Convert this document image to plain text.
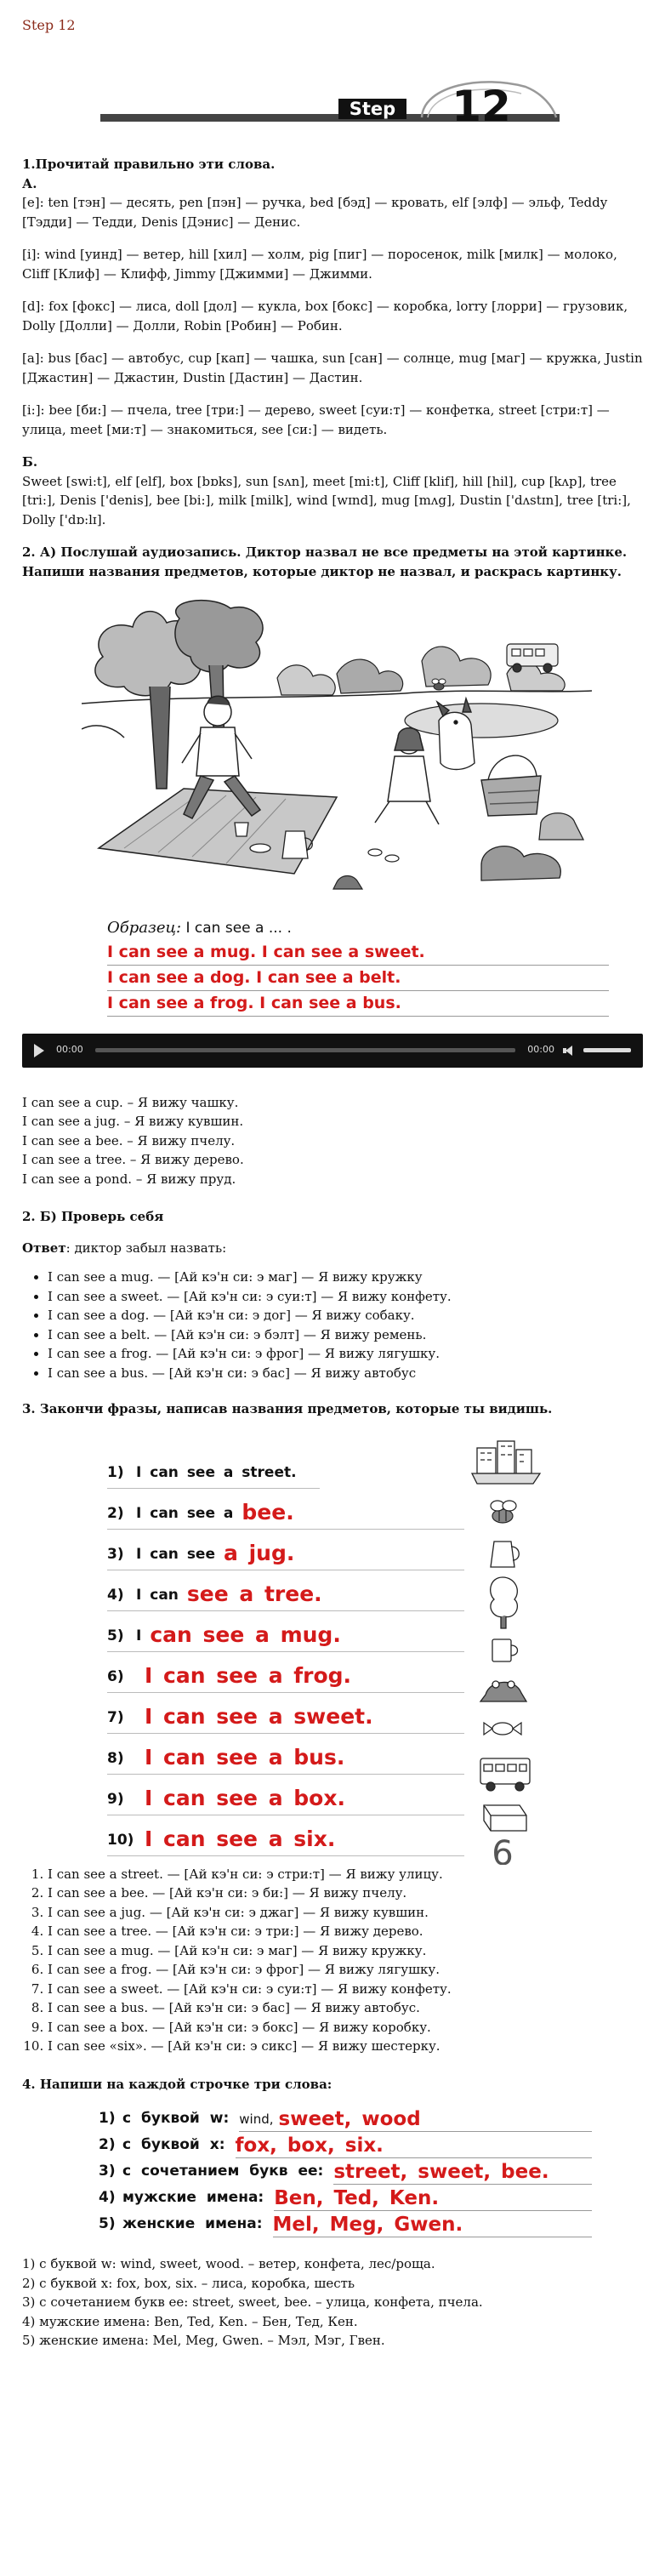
Step 12
Step 12
1.Прочитай правильно эти слова.
А.

[е]: ten [тэн] — десять, pen [пэн] — ручка, bed [бэд] — кровать, elf [элф] — эльф, Teddy [Тэдди] — Тедди, Denis [Дэнис] — Денис.

[i]: wind [уинд] — ветер, hill [хил] — холм, pig [пиг] — поросенок, milk [милк] — молоко, Cliff [Клиф] — Клифф, Jimmy [Джимми] — Джимми.

[d]: fox [фокс] — лиса, doll [дол] — кукла, box [бокс] — коробка, lorry [лорри] — грузовик, Dolly [Долли] — Долли, Robin [Робин] — Робин.

[a]: bus [бас] — автобус, cup [кап] — чашка, sun [сан] — солнце, mug [маг] — кружка, Justin [Джастин] — Джастин, Dustin [Дастин] — Дастин.

[i:]: bee [би:] — пчела, tree [три:] — дерево, sweet [суи:т] — конфетка, street [стри:т] — улица, meet [ми:т] — знакомиться, see [си:] — видеть.

Б.

Sweet [swi:t], elf [elf], box [bɒks], sun [sʌn], meet [mi:t], Cliff [klif], hill [hil], cup [kʌp], tree [tri:], Denis ['denis], bee [bi:], milk [milk], wind [wɪnd], mug [mʌg], Dustin ['dʌstɪn], tree [tri:], Dolly ['dɒ:lɪ].

2. А) Послушай аудиозапись. Диктор назвал не все предметы на этой картинке. Напиши названия предметов, которые диктор не назвал, и раскрась картинку.
Образец: I can see a ... .
I can see a mug. I can see a sweet.
I can see a dog. I can see a belt.
I can see a frog. I can see a bus.
00:00	00:00

I can see a cup. – Я вижу чашку.

I can see a jug. – Я вижу кувшин.

I can see a bee. – Я вижу пчелу.

I can see a tree. – Я вижу дерево.

I can see a pond. – Я вижу пруд.

2. Б) Проверь себя

Ответ: диктор забыл назвать:

• I can see a mug. — [Ай кэ'н си: э маг] — Я вижу кружку
• I can see a sweet. — [Ай кэ'н си: э суи:т] — Я вижу конфету.
• I can see a dog. — [Ай кэ'н си: э дог] — Я вижу собаку.
• I can see a belt. — [Ай кэ'н си: э бэлт] — Я вижу ремень.
• I can see a frog. — [Ай кэ'н си: э фрог] — Я вижу лягушку.
• I can see a bus. — [Ай кэ'н си: э бас] — Я вижу автобус
3. Закончи фразы, написав названия предметов, которые ты видишь.
1) I can see a street.
2) I can see a bee.
3) I can see a jug.
4) I can see a tree.
5) I can see a mug.
6) I can see a frog.
7) I can see a sweet.
8) I can see a bus.
9) I can see a box.
10) I can see a six.	6
1. I can see a street. — [Ай кэ'н си: э стри:т] — Я вижу улицу.
2. I can see a bee. — [Ай кэ'н си: э би:] — Я вижу пчелу.
3. I can see a jug. — [Ай кэ'н си: э джаг] — Я вижу кувшин.
4. I can see a tree. — [Ай кэ'н си: э три:] — Я вижу дерево.
5. I can see a mug. — [Ай кэ'н си: э маг] — Я вижу кружку.
6. I can see a frog. — [Ай кэ'н си: э фрог] — Я вижу лягушку.
7. I can see a sweet. — [Ай кэ'н си: э суи:т] — Я вижу конфету.
8. I can see a bus. — [Ай кэ'н си: э бас] — Я вижу автобус.
9. I can see a box. — [Ай кэ'н си: э бокс] — Я вижу коробку.
10. I can see «six». — [Ай кэ'н си: э сикс] — Я вижу шестерку.
4. Напиши на каждой строчке три слова:
1) с буквой w: wind, sweet, wood
2) с буквой x: fox, box, six.
3) с сочетанием букв ee: street, sweet, bee.
4) мужские имена: Ben, Ted, Ken.
5) женские имена: Mel, Meg, Gwen.

1) с буквой w: wind, sweet, wood. – ветер, конфета, лес/роща.

2) с буквой x: fox, box, six. – лиса, коробка, шесть

3) с сочетанием букв ee: street, sweet, bee. – улица, конфета, пчела.

4) мужские имена: Ben, Ted, Ken. – Бен, Тед, Кен.

5) женские имена: Mel, Meg, Gwen. – Мэл, Мэг, Гвен.
